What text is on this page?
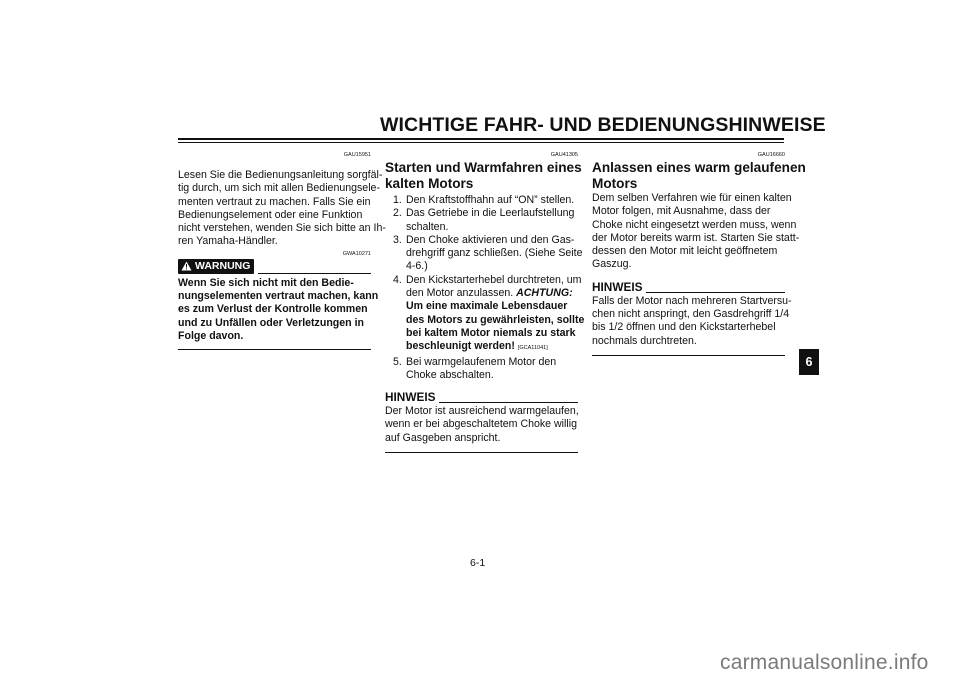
WICHTIGE FAHR- UND BEDIENUNGSHINWEISE
GAU15951
Lesen Sie die Bedienungsanleitung sorgfäl-
tig durch, um sich mit allen Bedienungsele-
menten vertraut zu machen. Falls Sie ein
Bedienungselement oder eine Funktion
nicht verstehen, wenden Sie sich bitte an Ih-
ren Yamaha-Händler.
GWA10271
WARNUNG
Wenn Sie sich nicht mit den Bedie-
nungselementen vertraut machen, kann
es zum Verlust der Kontrolle kommen
und zu Unfällen oder Verletzungen in
Folge davon.
GAU41305
Starten und Warmfahren eines
kalten Motors
1. Den Kraftstoffhahn auf “ON” stellen.
2. Das Getriebe in die Leerlaufstellung
schalten.
3. Den Choke aktivieren und den Gas-
drehgriff ganz schließen. (Siehe Seite
4-6.)
4. Den Kickstarterhebel durchtreten, um
den Motor anzulassen. ACHTUNG:
Um eine maximale Lebensdauer
des Motors zu gewährleisten, sollte
bei kaltem Motor niemals zu stark
beschleunigt werden! [GCA11041]
5. Bei warmgelaufenem Motor den
Choke abschalten.
HINWEIS
Der Motor ist ausreichend warmgelaufen,
wenn er bei abgeschaltetem Choke willig
auf Gasgeben anspricht.
GAU16660
Anlassen eines warm gelaufenen
Motors
Dem selben Verfahren wie für einen kalten
Motor folgen, mit Ausnahme, dass der
Choke nicht eingesetzt werden muss, wenn
der Motor bereits warm ist. Starten Sie statt-
dessen den Motor mit leicht geöffnetem
Gaszug.
HINWEIS
Falls der Motor nach mehreren Startversu-
chen nicht anspringt, den Gasdrehgriff 1/4
bis 1/2 öffnen und den Kickstarterhebel
nochmals durchtreten.
6
6-1
carmanualsonline.info
